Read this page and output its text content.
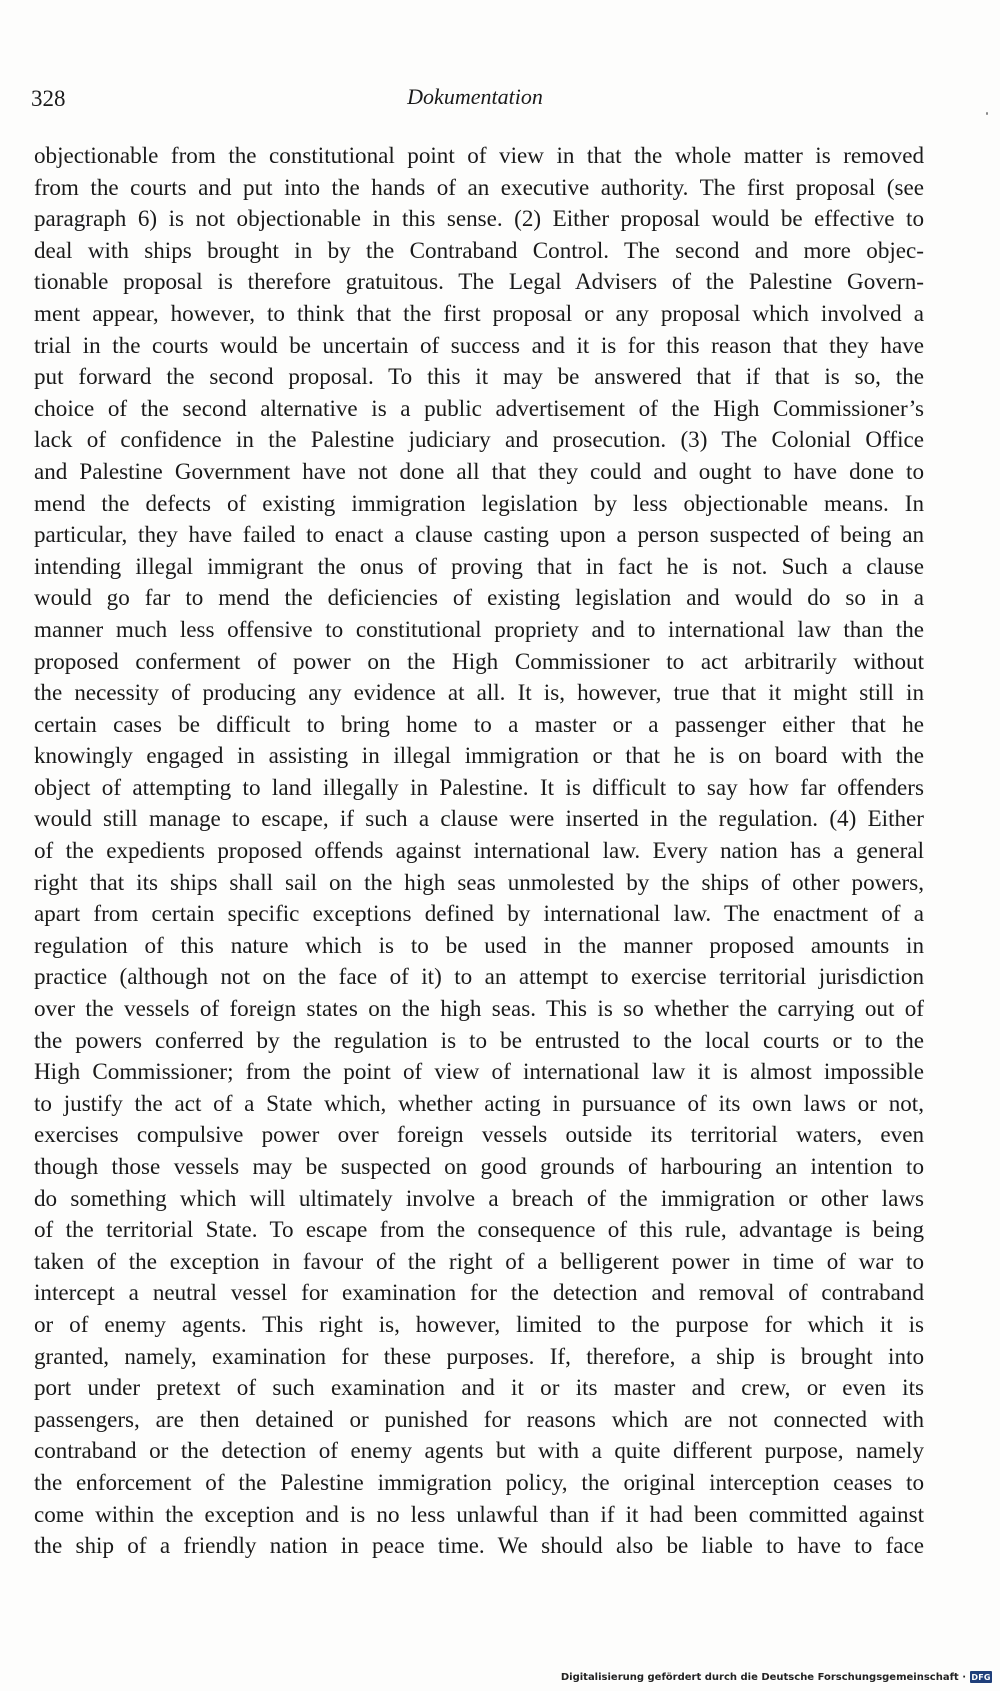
328	Dokumentation
objectionable from the constitutional point of view in that the whole matter is removed
from the courts and put into the hands of an executive authority. The first proposal (see
paragraph 6) is not objectionable in this sense. (2) Either proposal would be effective to
deal with ships brought in by the Contraband Control. The second and more objec-
tionable proposal is therefore gratuitous. The Legal Advisers of the Palestine Govern-
ment appear, however, to think that the first proposal or any proposal which involved a
trial in the courts would be uncertain of success and it is for this reason that they have
put forward the second proposal. To this it may be answered that if that is so, the
choice of the second alternative is a public advertisement of the High Commissioner’s
lack of confidence in the Palestine judiciary and prosecution. (3) The Colonial Office
and Palestine Government have not done all that they could and ought to have done to
mend the defects of existing immigration legislation by less objectionable means. In
particular, they have failed to enact a clause casting upon a person suspected of being an
intending illegal immigrant the onus of proving that in fact he is not. Such a clause
would go far to mend the deficiencies of existing legislation and would do so in a
manner much less offensive to constitutional propriety and to international law than the
proposed conferment of power on the High Commissioner to act arbitrarily without
the necessity of producing any evidence at all. It is, however, true that it might still in
certain cases be difficult to bring home to a master or a passenger either that he
knowingly engaged in assisting in illegal immigration or that he is on board with the
object of attempting to land illegally in Palestine. It is difficult to say how far offenders
would still manage to escape, if such a clause were inserted in the regulation. (4) Either
of the expedients proposed offends against international law. Every nation has a general
right that its ships shall sail on the high seas unmolested by the ships of other powers,
apart from certain specific exceptions defined by international law. The enactment of a
regulation of this nature which is to be used in the manner proposed amounts in
practice (although not on the face of it) to an attempt to exercise territorial jurisdiction
over the vessels of foreign states on the high seas. This is so whether the carrying out of
the powers conferred by the regulation is to be entrusted to the local courts or to the
High Commissioner; from the point of view of international law it is almost impossible
to justify the act of a State which, whether acting in pursuance of its own laws or not,
exercises compulsive power over foreign vessels outside its territorial waters, even
though those vessels may be suspected on good grounds of harbouring an intention to
do something which will ultimately involve a breach of the immigration or other laws
of the territorial State. To escape from the consequence of this rule, advantage is being
taken of the exception in favour of the right of a belligerent power in time of war to
intercept a neutral vessel for examination for the detection and removal of contraband
or of enemy agents. This right is, however, limited to the purpose for which it is
granted, namely, examination for these purposes. If, therefore, a ship is brought into
port under pretext of such examination and it or its master and crew, or even its
passengers, are then detained or punished for reasons which are not connected with
contraband or the detection of enemy agents but with a quite different purpose, namely
the enforcement of the Palestine immigration policy, the original interception ceases to
come within the exception and is no less unlawful than if it had been committed against
the ship of a friendly nation in peace time. We should also be liable to have to face
Digitalisierung gefördert durch die Deutsche Forschungsgemeinschaft · DFG
